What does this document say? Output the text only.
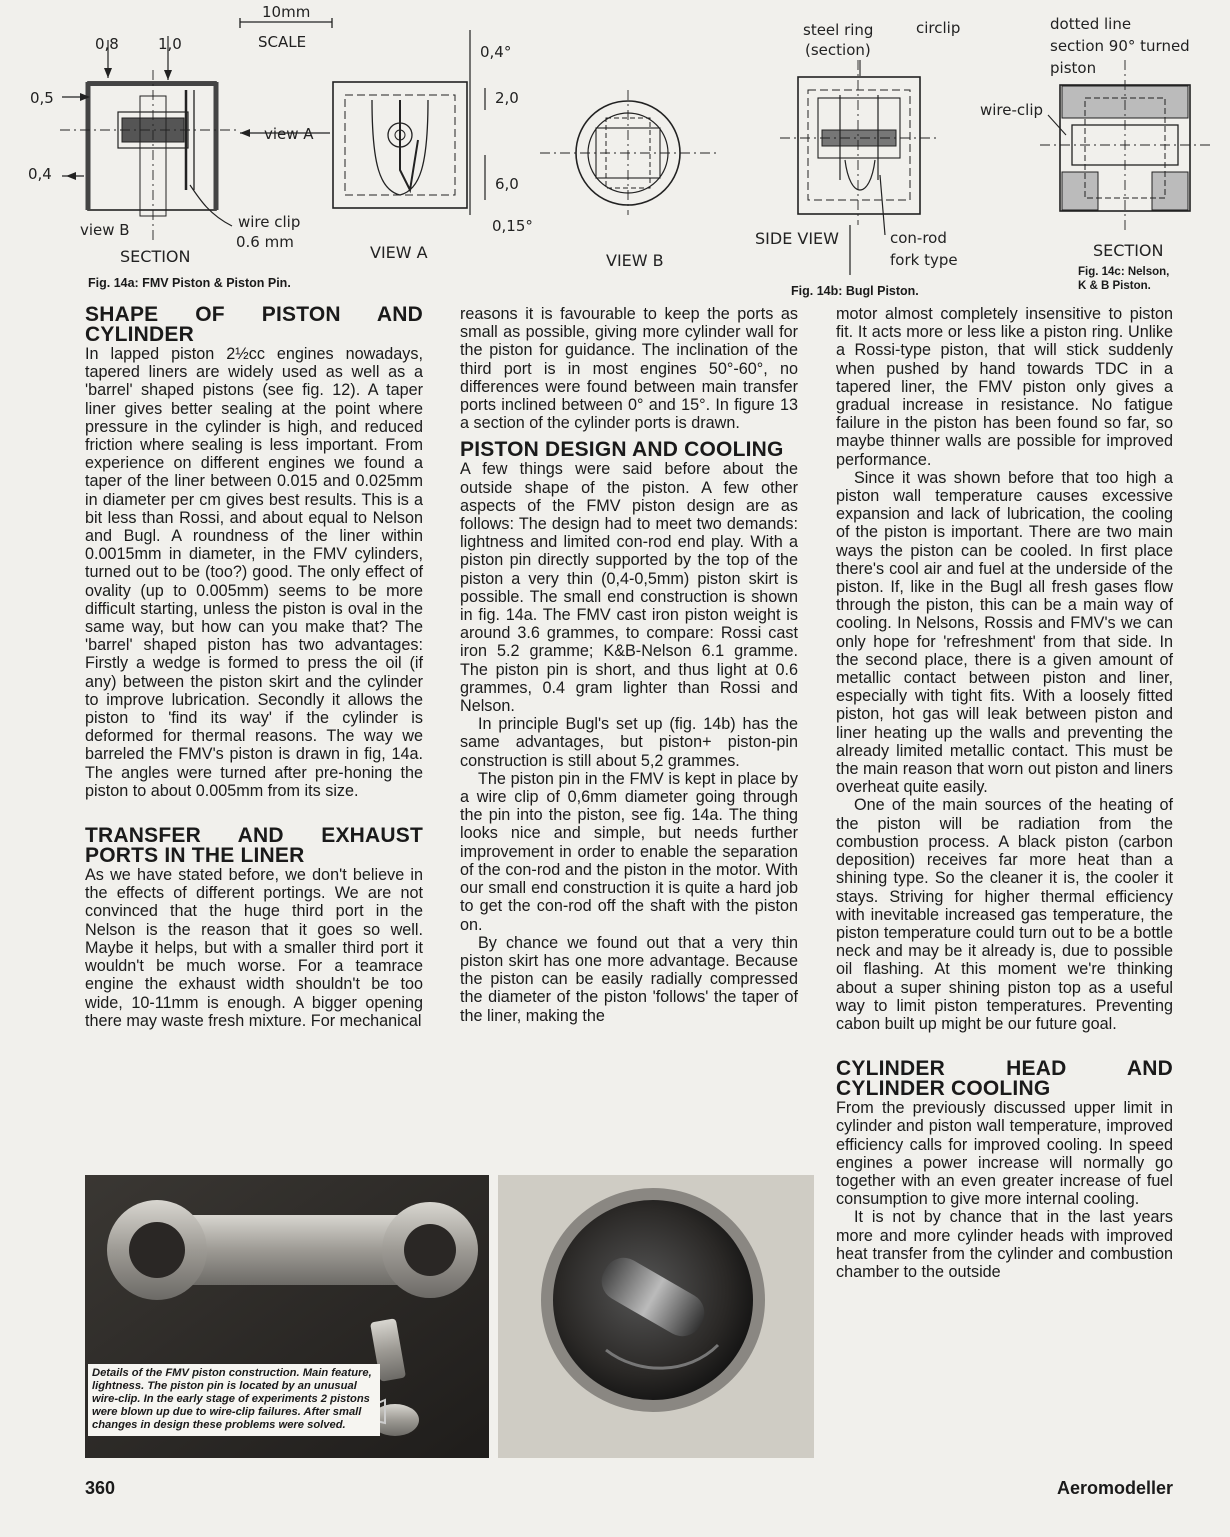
0,8	1,0
10mm
SCALE
0,5
0,4
view A
view B
SECTION
wire clip
0.6 mm
VIEW A
0,4°
2,0
6,0
0,15°
VIEW B
Fig. 14a: FMV Piston & Piston Pin.
steel ring
(section)
circlip
SIDE VIEW	con-rod
fork type
Fig. 14b: Bugl Piston.
dotted line
section 90° turned
piston
wire-clip
SECTION
Fig. 14c: Nelson,
K & B Piston.
SHAPE OF PISTON AND CYLINDER

In lapped piston 2½cc engines nowadays, tapered liners are widely used as well as a 'barrel' shaped pistons (see fig. 12). A taper liner gives better sealing at the point where pressure in the cylinder is high, and reduced friction where sealing is less important. From experience on different engines we found a taper of the liner between 0.015 and 0.025mm in diameter per cm gives best results. This is a bit less than Rossi, and about equal to Nelson and Bugl. A roundness of the liner within 0.0015mm in diameter, in the FMV cylinders, turned out to be (too?) good. The only effect of ovality (up to 0.005mm) seems to be more difficult starting, unless the piston is oval in the same way, but how can you make that? The 'barrel' shaped piston has two advantages: Firstly a wedge is formed to press the oil (if any) between the piston skirt and the cylinder to improve lubrication. Secondly it allows the piston to 'find its way' if the cylinder is deformed for thermal reasons. The way we barreled the FMV's piston is drawn in fig, 14a. The angles were turned after pre-honing the piston to about 0.005mm from its size.

TRANSFER AND EXHAUST PORTS IN THE LINER

As we have stated before, we don't believe in the effects of different portings. We are not convinced that the huge third port in the Nelson is the reason that it goes so well. Maybe it helps, but with a smaller third port it wouldn't be much worse. For a teamrace engine the exhaust width shouldn't be too wide, 10-11mm is enough. A bigger opening there may waste fresh mixture. For mechanical

reasons it is favourable to keep the ports as small as possible, giving more cylinder wall for the piston for guidance. The inclination of the third port is in most engines 50°-60°, no differences were found between main transfer ports inclined between 0° and 15°. In figure 13 a section of the cylinder ports is drawn.

PISTON DESIGN AND COOLING

A few things were said before about the outside shape of the piston. A few other aspects of the FMV piston design are as follows: The design had to meet two demands: lightness and limited con-rod end play. With a piston pin directly supported by the top of the piston a very thin (0,4-0,5mm) piston skirt is possible. The small end construction is shown in fig. 14a. The FMV cast iron piston weight is around 3.6 grammes, to compare: Rossi cast iron 5.2 gramme; K&B-Nelson 6.1 gramme. The piston pin is short, and thus light at 0.6 grammes, 0.4 gram lighter than Rossi and Nelson.

In principle Bugl's set up (fig. 14b) has the same advantages, but piston+ piston-pin construction is still about 5,2 grammes.

The piston pin in the FMV is kept in place by a wire clip of 0,6mm diameter going through the pin into the piston, see fig. 14a. The thing looks nice and simple, but needs further improvement in order to enable the separation of the con-rod and the piston in the motor. With our small end construction it is quite a hard job to get the con-rod off the shaft with the piston on.

By chance we found out that a very thin piston skirt has one more advantage. Because the piston can be easily radially compressed the diameter of the piston 'follows' the taper of the liner, making the

motor almost completely insensitive to piston fit. It acts more or less like a piston ring. Unlike a Rossi-type piston, that will stick suddenly when pushed by hand towards TDC in a tapered liner, the FMV piston only gives a gradual increase in resistance. No fatigue failure in the piston has been found so far, so maybe thinner walls are possible for improved performance.

Since it was shown before that too high a piston wall temperature causes excessive expansion and lack of lubrication, the cooling of the piston is important. There are two main ways the piston can be cooled. In first place there's cool air and fuel at the underside of the piston. If, like in the Bugl all fresh gases flow through the piston, this can be a main way of cooling. In Nelsons, Rossis and FMV's we can only hope for 'refreshment' from that side. In the second place, there is a given amount of metallic contact between piston and liner, especially with tight fits. With a loosely fitted piston, hot gas will leak between piston and liner heating up the walls and preventing the already limited metallic contact. This must be the main reason that worn out piston and liners overheat quite easily.

One of the main sources of the heating of the piston will be radiation from the combustion process. A black piston (carbon deposition) receives far more heat than a shining type. So the cleaner it is, the cooler it stays. Striving for higher thermal efficiency with inevitable increased gas temperature, the piston temperature could turn out to be a bottle neck and may be it already is, due to possible oil flashing. At this moment we're thinking about a super shining piston top as a useful way to limit piston temperatures. Preventing cabon built up might be our future goal.

CYLINDER HEAD AND CYLINDER COOLING

From the previously discussed upper limit in cylinder and piston wall temperature, improved efficiency calls for improved cooling. In speed engines a power increase will normally go together with an even greater increase of fuel consumption to give more internal cooling.

It is not by chance that in the last years more and more cylinder heads with improved heat transfer from the cylinder and combustion chamber to the outside

Details of the FMV piston construction. Main feature, lightness. The piston pin is located by an unusual wire-clip. In the early stage of experiments 2 pistons were blown up due to wire-clip failures. After small changes in design these problems were solved.
360	Aeromodeller
